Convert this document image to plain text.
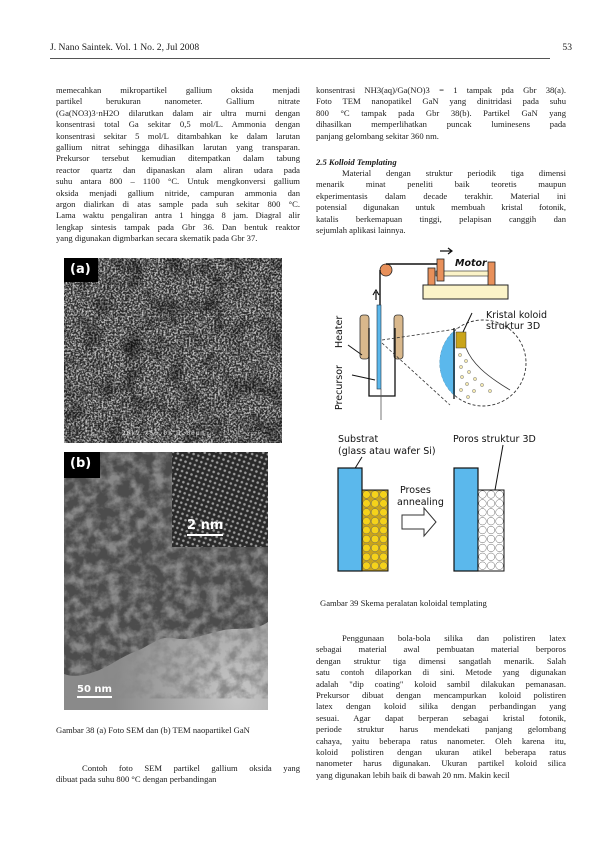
J. Nano Saintek. Vol. 1 No. 2, Jul 2008	53
memecahkan mikropartikel gallium oksida menjadi
partikel berukuran nanometer. Gallium nitrate
(Ga(NO3)3·nH2O dilarutkan dalam air ultra murni dengan
konsentrasi total Ga sekitar 0,5 mol/L. Ammonia dengan
konsentrasi sekitar 5 mol/L ditambahkan ke dalam larutan
gallium nitrat sehingga dihasilkan larutan yang transparan.
Prekursor tersebut kemudian ditempatkan dalam tabung
reactor quartz dan dipanaskan alam aliran udara pada
suhu antara 800 – 1100 °C. Untuk mengkonversi gallium
oksida menjadi gallium nitride, campuran ammonia dan
argon dialirkan di atas sample pada suh sekitar 800 °C.
Lama waktu pengaliran antra 1 hingga 8 jam. Diagral alir
lengkap sintesis tampak pada Gbr 36. Dan bentuk reaktor
yang digunakan digmbarkan secara skematik pada Gbr 37.
(a)
20kV x50,0k 1.00µm
(b)
2 nm
50 nm
Gambar 38 (a) Foto SEM dan (b) TEM naopartikel GaN
Contoh foto SEM partikel gallium oksida yang
dibuat pada suhu 800 °C dengan perbandingan
konsentrasi NH3(aq)/Ga(NO)3 = 1 tampak pda Gbr 38(a).
Foto TEM nanopatikel GaN yang dinitridasi pada suhu
800 °C tampak pada Gbr 38(b). Partikel GaN yang
dihasilkan memperlihatkan puncak luminesens pada
panjang gelombang sekitar 360 nm.
2.5 Kolloid Templating
Material dengan struktur periodik tiga dimensi
menarik minat peneliti baik teoretis maupun
ekperimentasis dalam decade terakhir. Material ini
potensial digunakan untuk membuah kristal fotonik,
katalis berkemapuan tinggi, pelapisan canggih dan
sejumlah aplikasi lainnya.
Motor
Heater
Precursor
Kristal koloid
struktur 3D
Substrat
(glass atau wafer Si)
Proses
annealing
Poros struktur 3D
Gambar 39 Skema peralatan koloidal templating
Penggunaan bola-bola silika dan polistiren latex
sebagai material awal pembuatan material berporos
dengan struktur tiga dimensi sangatlah menarik. Salah
satu contoh dilaporkan di sini. Metode yang digunakan
adalah "dip coating" koloid sambil dilakukan pemanasan.
Prekursor dibuat dengan mencampurkan koloid polistiren
latex dengan koloid silika dengan perbandingan yang
sesuai. Agar dapat berperan sebagai kristal fotonik,
periode struktur harus mendekati panjang gelombang
cahaya, yaitu beberapa ratus nanometer. Oleh karena itu,
koloid polistiren dengan ukuran atikel beberapa ratus
nanometer harus digunakan. Ukuran partikel koloid silica
yang digunakan lebih baik di bawah 20 nm. Makin kecil
